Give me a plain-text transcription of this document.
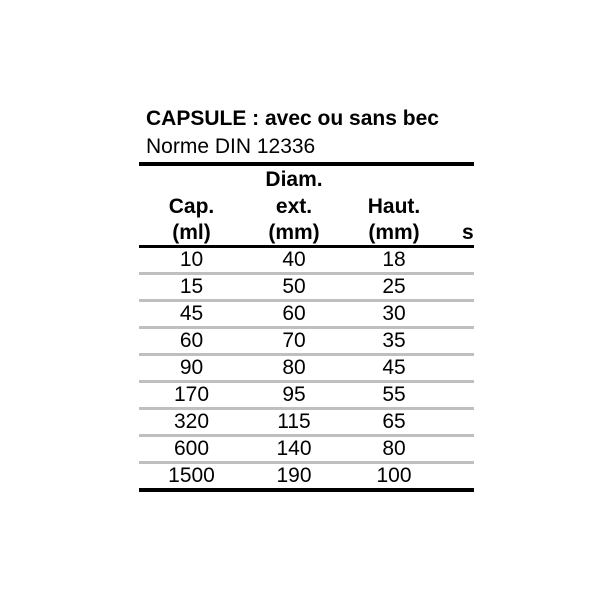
CAPSULE : avec ou sans bec
Norme DIN 12336
	Diam.		
Cap.	ext.	Haut.	
(ml)	(mm)	(mm)	s
10	40	18	
15	50	25	
45	60	30	
60	70	35	
90	80	45	
170	95	55	
320	115	65	
600	140	80	
1500	190	100	
